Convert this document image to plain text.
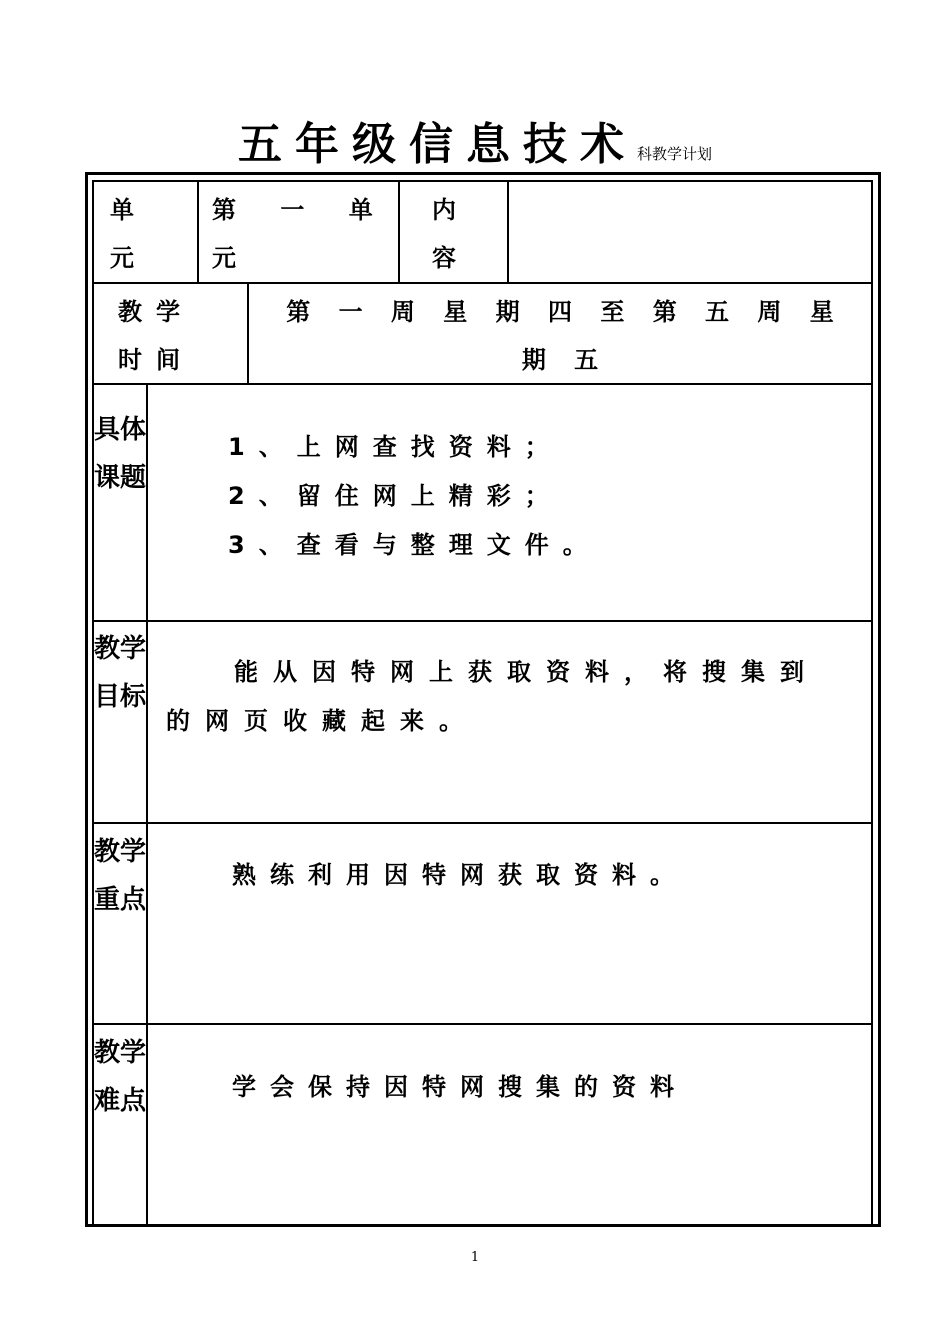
五年级信息技术科教学计划
单 元
第 一 单 元
内 容
教学时间
第 一 周 星 期 四 至 第 五 周 星 期 五
具体课题
1、上网查找资料；
2、留住网上精彩；
3、查看与整理文件。
教学目标
能从因特网上获取资料，将搜集到的网页收藏起来。
教学重点
熟练利用因特网获取资料。
教学难点	学会保持因特网搜集的资料
1
